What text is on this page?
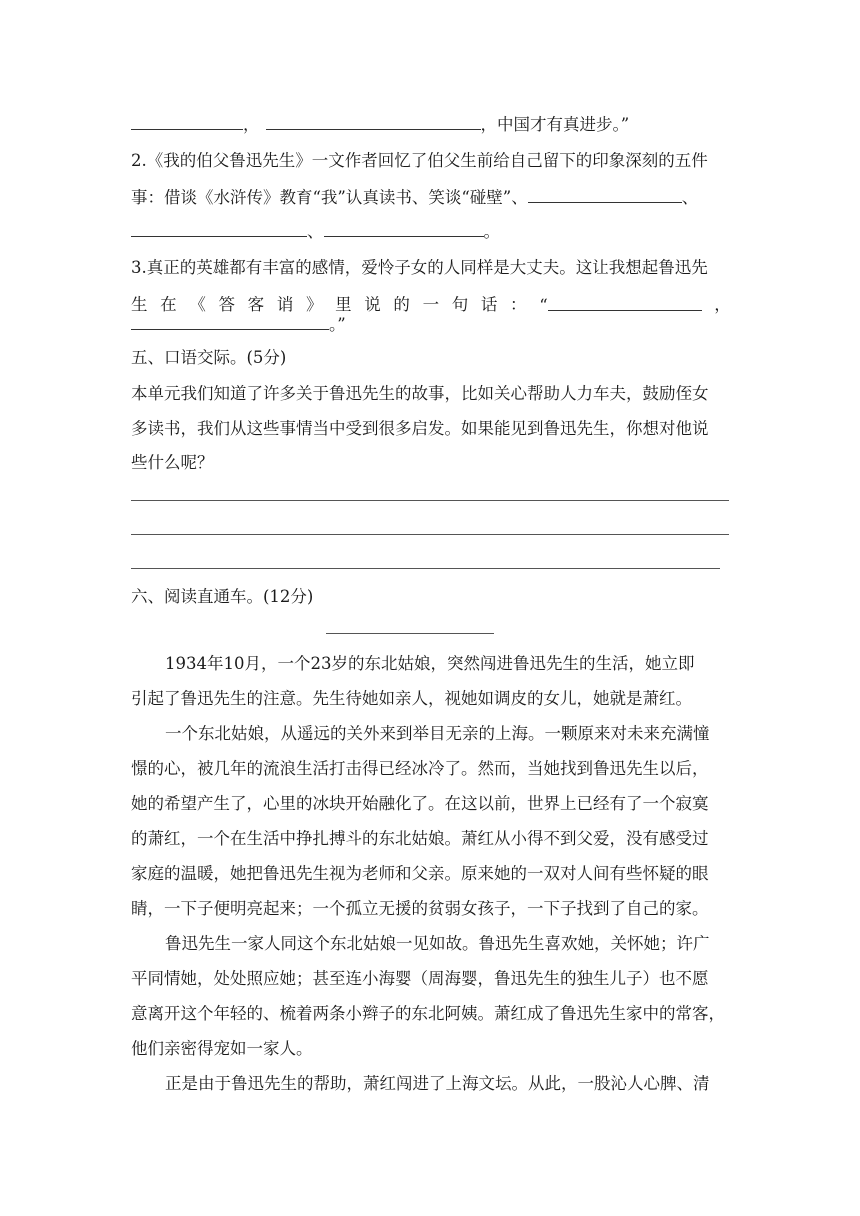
，	，中国才有真进步。”
2.《我的伯父鲁迅先生》一文作者回忆了伯父生前给自己留下的印象深刻的五件
事：借谈《水浒传》教育“我”认真读书、笑谈“碰壁”、	、
、	。
3.真正的英雄都有丰富的感情，爱怜子女的人同样是大丈夫。这让我想起鲁迅先
生 在 《 答 客 诮 》 里 说 的 一 句 话 ： “	，
。”
五、口语交际。(5分)
本单元我们知道了许多关于鲁迅先生的故事，比如关心帮助人力车夫，鼓励侄女
多读书，我们从这些事情当中受到很多启发。如果能见到鲁迅先生，你想对他说
些什么呢？
六、阅读直通车。(12分)
1934年10月，一个23岁的东北姑娘，突然闯进鲁迅先生的生活，她立即
引起了鲁迅先生的注意。先生待她如亲人，视她如调皮的女儿，她就是萧红。
一个东北姑娘，从遥远的关外来到举目无亲的上海。一颗原来对未来充满憧
憬的心，被几年的流浪生活打击得已经冰冷了。然而，当她找到鲁迅先生以后，
她的希望产生了，心里的冰块开始融化了。在这以前，世界上已经有了一个寂寞
的萧红，一个在生活中挣扎搏斗的东北姑娘。萧红从小得不到父爱，没有感受过
家庭的温暖，她把鲁迅先生视为老师和父亲。原来她的一双对人间有些怀疑的眼
睛，一下子便明亮起来；一个孤立无援的贫弱女孩子，一下子找到了自己的家。
鲁迅先生一家人同这个东北姑娘一见如故。鲁迅先生喜欢她，关怀她；许广
平同情她，处处照应她；甚至连小海婴（周海婴，鲁迅先生的独生儿子）也不愿
意离开这个年轻的、梳着两条小辫子的东北阿姨。萧红成了鲁迅先生家中的常客，
他们亲密得宠如一家人。
正是由于鲁迅先生的帮助，萧红闯进了上海文坛。从此，一股沁人心脾、清
